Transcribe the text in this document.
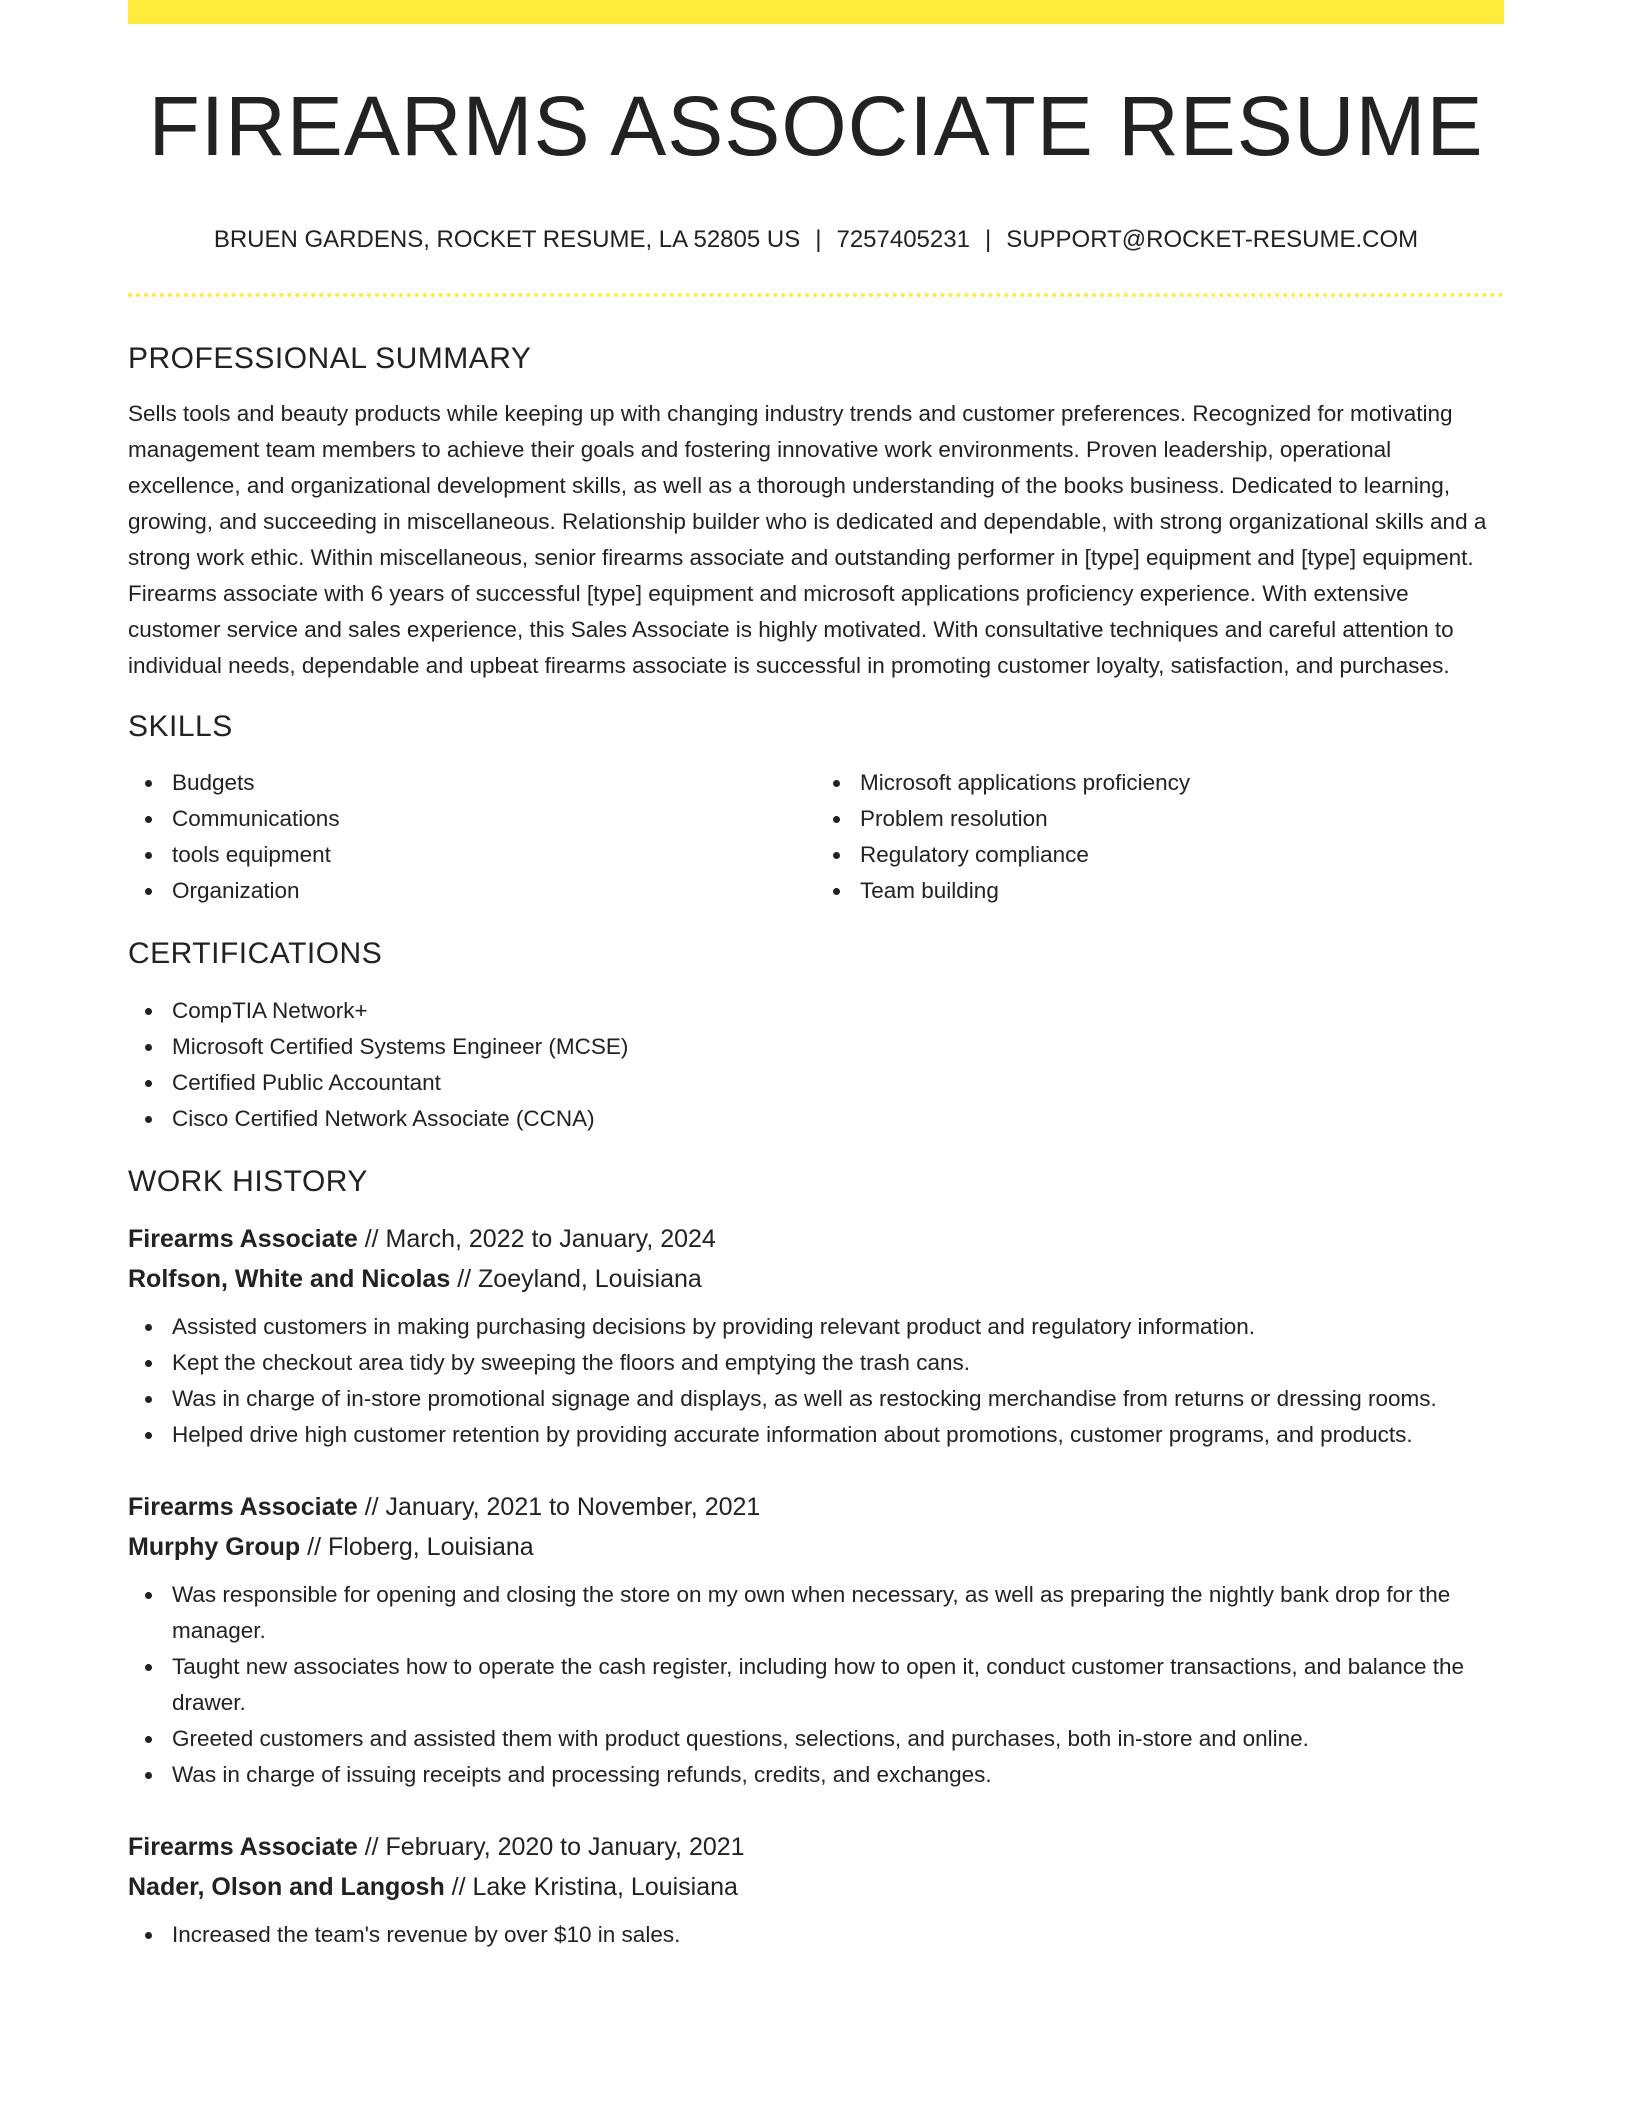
FIREARMS ASSOCIATE RESUME
BRUEN GARDENS, ROCKET RESUME, LA 52805 US | 7257405231 | SUPPORT@ROCKET-RESUME.COM
PROFESSIONAL SUMMARY

Sells tools and beauty products while keeping up with changing industry trends and customer preferences. Recognized for motivating management team members to achieve their goals and fostering innovative work environments. Proven leadership, operational excellence, and organizational development skills, as well as a thorough understanding of the books business. Dedicated to learning, growing, and succeeding in miscellaneous. Relationship builder who is dedicated and dependable, with strong organizational skills and a strong work ethic. Within miscellaneous, senior firearms associate and outstanding performer in [type] equipment and [type] equipment. Firearms associate with 6 years of successful [type] equipment and microsoft applications proficiency experience. With extensive customer service and sales experience, this Sales Associate is highly motivated. With consultative techniques and careful attention to individual needs, dependable and upbeat firearms associate is successful in promoting customer loyalty, satisfaction, and purchases.

SKILLS
Budgets
Communications
tools equipment
Organization
Microsoft applications proficiency
Problem resolution
Regulatory compliance
Team building
CERTIFICATIONS
CompTIA Network+
Microsoft Certified Systems Engineer (MCSE)
Certified Public Accountant
Cisco Certified Network Associate (CCNA)
WORK HISTORY
Firearms Associate // March, 2022 to January, 2024
Rolfson, White and Nicolas // Zoeyland, Louisiana
Assisted customers in making purchasing decisions by providing relevant product and regulatory information.
Kept the checkout area tidy by sweeping the floors and emptying the trash cans.
Was in charge of in-store promotional signage and displays, as well as restocking merchandise from returns or dressing rooms.
Helped drive high customer retention by providing accurate information about promotions, customer programs, and products.
Firearms Associate // January, 2021 to November, 2021
Murphy Group // Floberg, Louisiana
Was responsible for opening and closing the store on my own when necessary, as well as preparing the nightly bank drop for the manager.
Taught new associates how to operate the cash register, including how to open it, conduct customer transactions, and balance the drawer.
Greeted customers and assisted them with product questions, selections, and purchases, both in-store and online.
Was in charge of issuing receipts and processing refunds, credits, and exchanges.
Firearms Associate // February, 2020 to January, 2021
Nader, Olson and Langosh // Lake Kristina, Louisiana
Increased the team's revenue by over $10 in sales.
